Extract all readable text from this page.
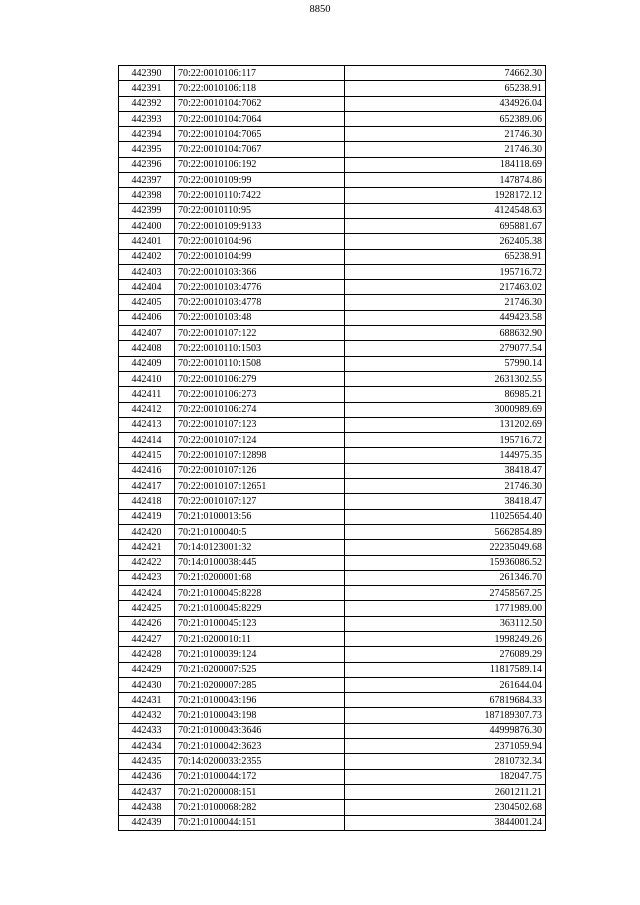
8850
442390	70:22:0010106:117	74662.30
442391	70:22:0010106:118	65238.91
442392	70:22:0010104:7062	434926.04
442393	70:22:0010104:7064	652389.06
442394	70:22:0010104:7065	21746.30
442395	70:22:0010104:7067	21746.30
442396	70:22:0010106:192	184118.69
442397	70:22:0010109:99	147874.86
442398	70:22:0010110:7422	1928172.12
442399	70:22:0010110:95	4124548.63
442400	70:22:0010109:9133	695881.67
442401	70:22:0010104:96	262405.38
442402	70:22:0010104:99	65238.91
442403	70:22:0010103:366	195716.72
442404	70:22:0010103:4776	217463.02
442405	70:22:0010103:4778	21746.30
442406	70:22:0010103:48	449423.58
442407	70:22:0010107:122	688632.90
442408	70:22:0010110:1503	279077.54
442409	70:22:0010110:1508	57990.14
442410	70:22:0010106:279	2631302.55
442411	70:22:0010106:273	86985.21
442412	70:22:0010106:274	3000989.69
442413	70:22:0010107:123	131202.69
442414	70:22:0010107:124	195716.72
442415	70:22:0010107:12898	144975.35
442416	70:22:0010107:126	38418.47
442417	70:22:0010107:12651	21746.30
442418	70:22:0010107:127	38418.47
442419	70:21:0100013:56	11025654.40
442420	70:21:0100040:5	5662854.89
442421	70:14:0123001:32	22235049.68
442422	70:14:0100038:445	15936086.52
442423	70:21:0200001:68	261346.70
442424	70:21:0100045:8228	27458567.25
442425	70:21:0100045:8229	1771989.00
442426	70:21:0100045:123	363112.50
442427	70:21:0200010:11	1998249.26
442428	70:21:0100039:124	276089.29
442429	70:21:0200007:525	11817589.14
442430	70:21:0200007:285	261644.04
442431	70:21:0100043:196	67819684.33
442432	70:21:0100043:198	187189307.73
442433	70:21:0100043:3646	44999876.30
442434	70:21:0100042:3623	2371059.94
442435	70:14:0200033:2355	2810732.34
442436	70:21:0100044:172	182047.75
442437	70:21:0200008:151	2601211.21
442438	70:21:0100068:282	2304502.68
442439	70:21:0100044:151	3844001.24
